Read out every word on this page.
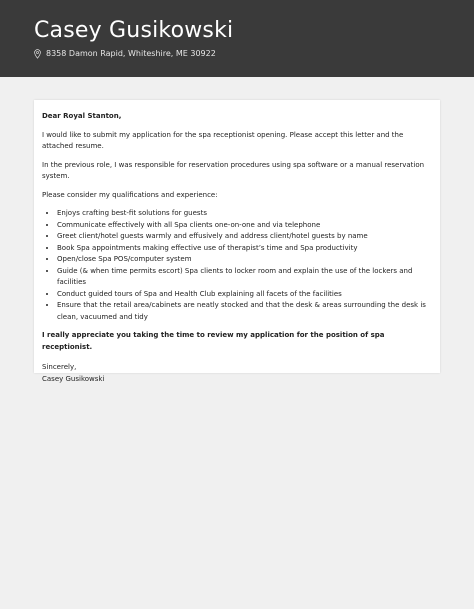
Casey Gusikowski
8358 Damon Rapid, Whiteshire, ME 30922

Dear Royal Stanton,

I would like to submit my application for the spa receptionist opening. Please accept this letter and the attached resume.

In the previous role, I was responsible for reservation procedures using spa software or a manual reservation system.

Please consider my qualifications and experience:

• Enjoys crafting best-fit solutions for guests
• Communicate effectively with all Spa clients one-on-one and via telephone
• Greet client/hotel guests warmly and effusively and address client/hotel guests by name
• Book Spa appointments making effective use of therapist’s time and Spa productivity
• Open/close Spa POS/computer system
• Guide (& when time permits escort) Spa clients to locker room and explain the use of the lockers and facilities
• Conduct guided tours of Spa and Health Club explaining all facets of the facilities
• Ensure that the retail area/cabinets are neatly stocked and that the desk & areas surrounding the desk is clean, vacuumed and tidy

I really appreciate you taking the time to review my application for the position of spa receptionist.

Sincerely,

Casey Gusikowski
